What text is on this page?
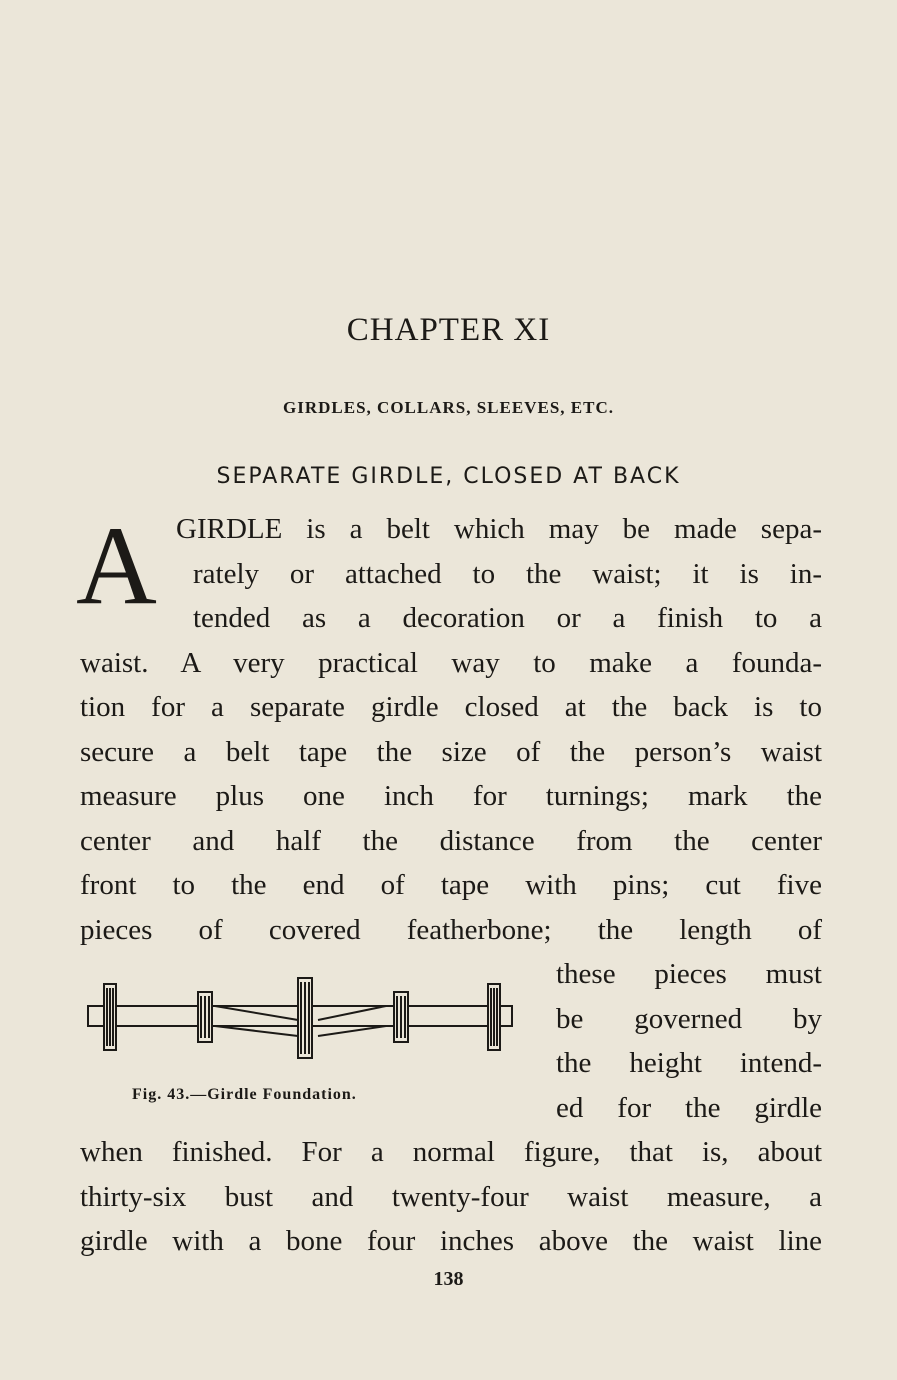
CHAPTER XI
GIRDLES, COLLARS, SLEEVES, ETC.
SEPARATE GIRDLE, CLOSED AT BACK
A GIRDLE is a belt which may be made sepa-
rately or attached to the waist; it is in-
tended as a decoration or a finish to a
waist. A very practical way to make a founda-
tion for a separate girdle closed at the back is to
secure a belt tape the size of the person’s waist
measure plus one inch for turnings; mark the
center and half the distance from the center
front to the end of tape with pins; cut five
pieces of covered featherbone; the length of
these pieces must
be governed by
the height intend-
ed for the girdle
when finished. For a normal figure, that is, about
thirty-six bust and twenty-four waist measure, a
girdle with a bone four inches above the waist line
Fig. 43.—Girdle Foundation.
138
